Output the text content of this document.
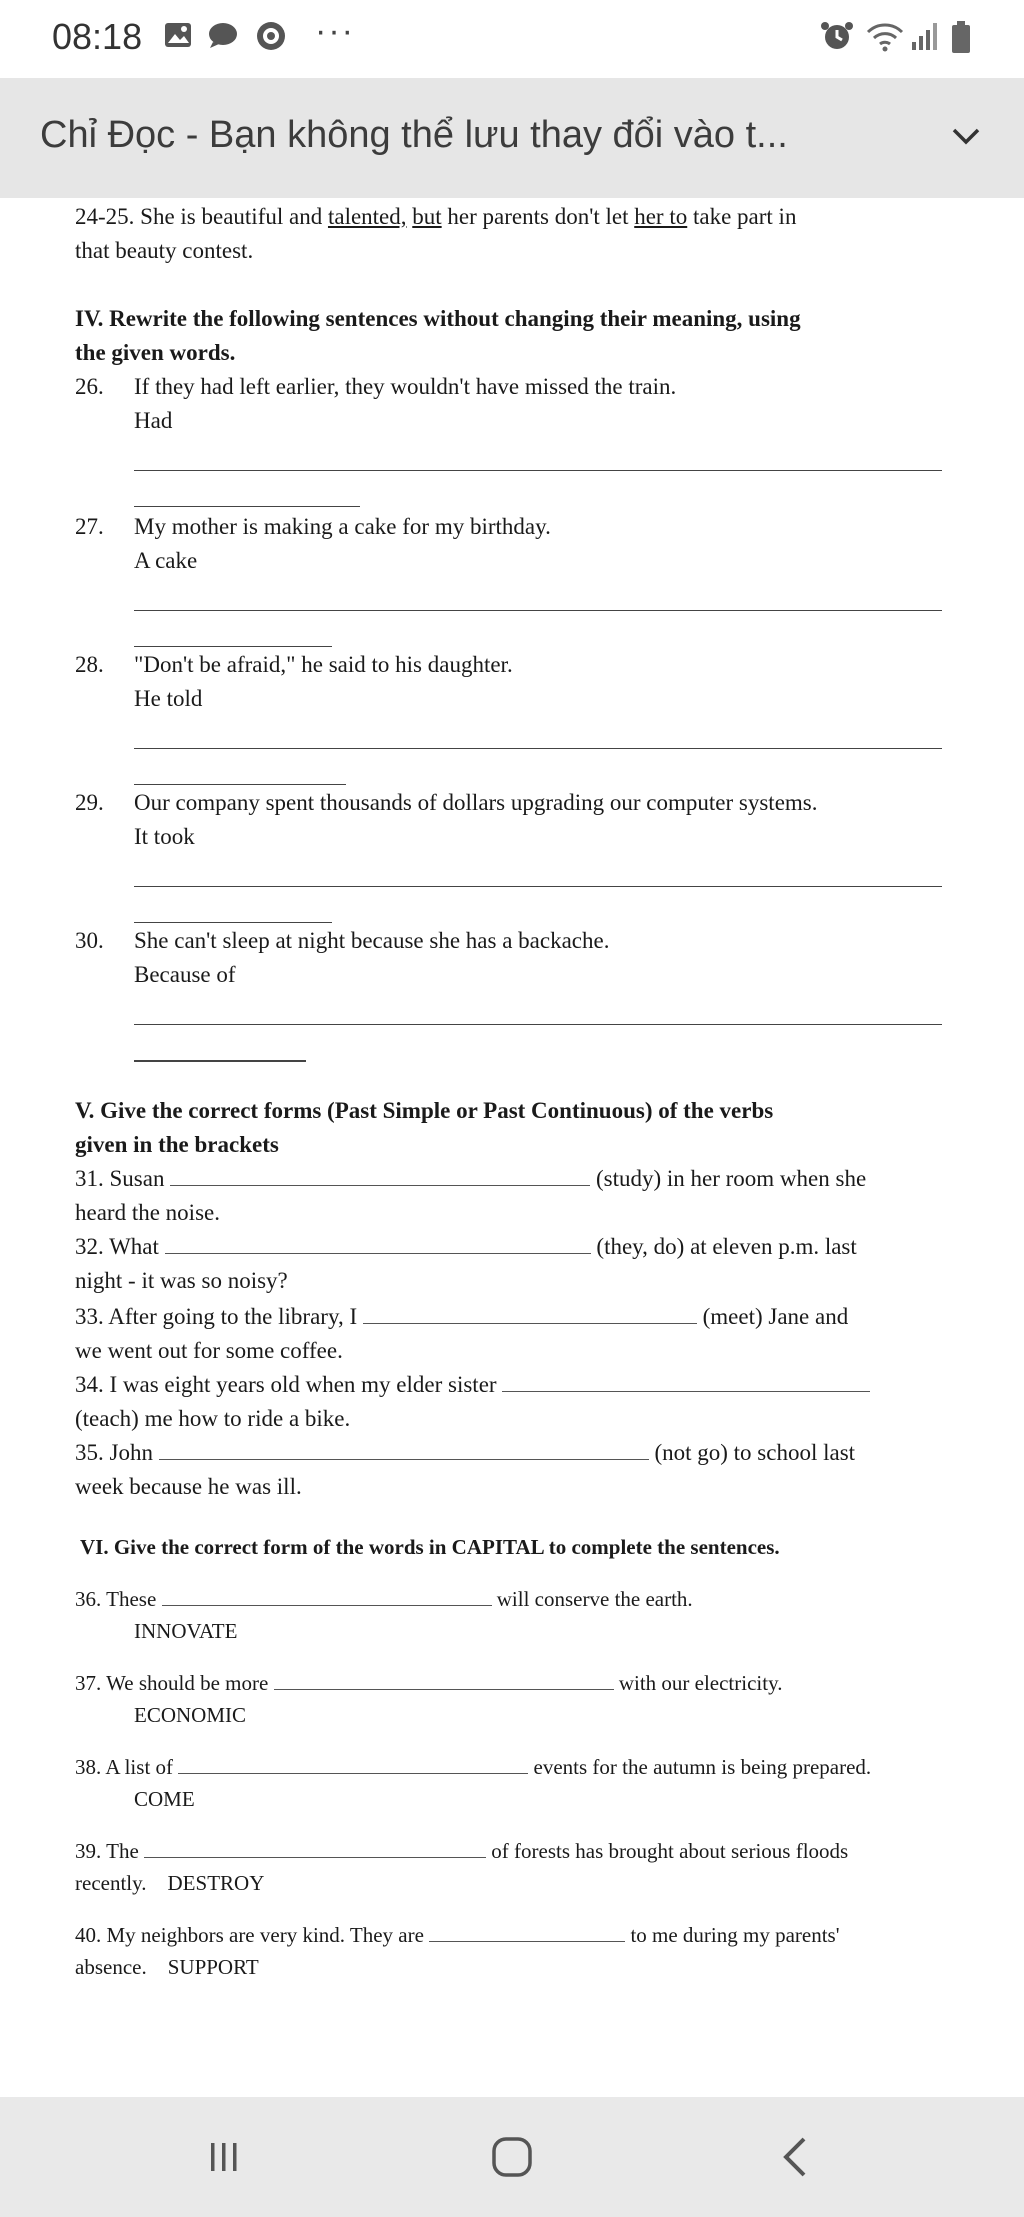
08:18	···
Chỉ Đọc - Bạn không thể lưu thay đổi vào t...
24-25. She is beautiful and talented, but her parents don't let her to take part in
that beauty contest.
IV. Rewrite the following sentences without changing their meaning, using
the given words.
26. If they had left earlier, they wouldn't have missed the train.
Had
27. My mother is making a cake for my birthday.
A cake
28. "Don't be afraid," he said to his daughter.
He told
29. Our company spent thousands of dollars upgrading our computer systems.
It took
30. She can't sleep at night because she has a backache.
Because of
V. Give the correct forms (Past Simple or Past Continuous) of the verbs
given in the brackets
31. Susan	(study) in her room when she
heard the noise.
32. What	(they, do) at eleven p.m. last
night - it was so noisy?
33. After going to the library, I	(meet) Jane and
we went out for some coffee.
34. I was eight years old when my elder sister
(teach) me how to ride a bike.
35. John	(not go) to school last
week because he was ill.
VI. Give the correct form of the words in CAPITAL to complete the sentences.
36. These	will conserve the earth.
INNOVATE
37. We should be more	with our electricity.
ECONOMIC
38. A list of	events for the autumn is being prepared.
COME
39. The	of forests has brought about serious floods
recently. DESTROY
40. My neighbors are very kind. They are	to me during my parents'
absence. SUPPORT
